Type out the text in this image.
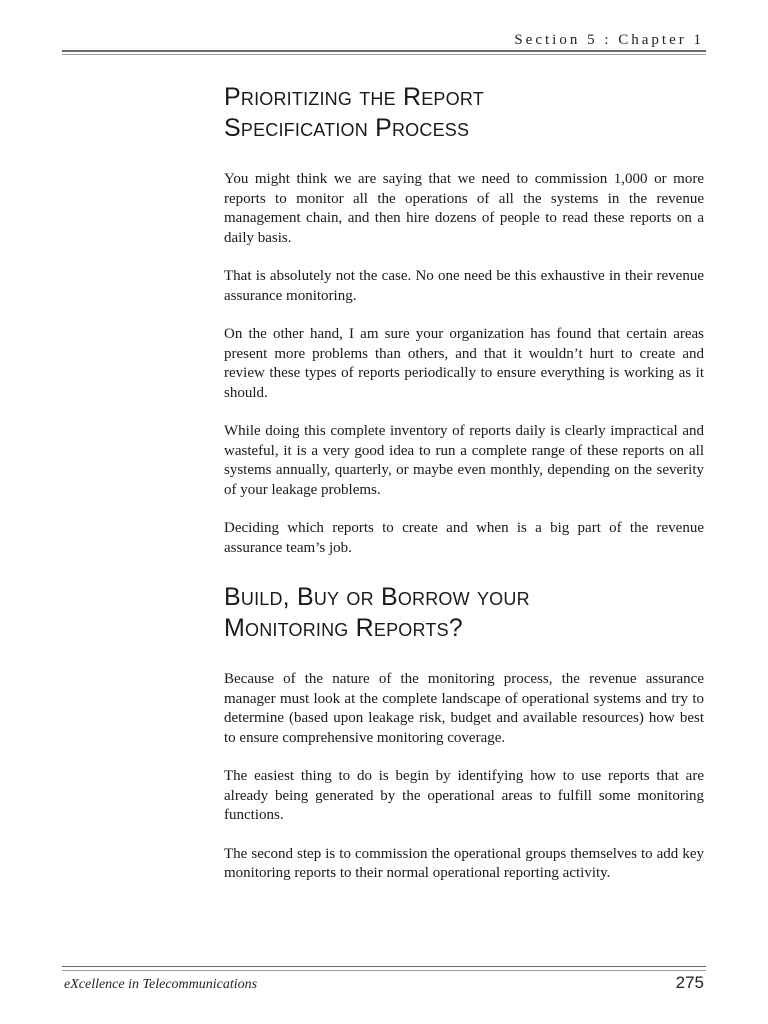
Section 5 : Chapter 1
Prioritizing the Report
Specification Process

You might think we are saying that we need to commission 1,000 or more reports to monitor all the operations of all the systems in the revenue management chain, and then hire dozens of people to read these reports on a daily basis.

That is absolutely not the case. No one need be this exhaustive in their revenue assurance monitoring.

On the other hand, I am sure your organization has found that certain areas present more problems than others, and that it wouldn’t hurt to create and review these types of reports periodically to ensure everything is working as it should.

While doing this complete inventory of reports daily is clearly impractical and wasteful, it is a very good idea to run a complete range of these reports on all systems annually, quarterly, or maybe even monthly, depending on the severity of your leakage problems.

Deciding which reports to create and when is a big part of the revenue assurance team’s job.

Build, Buy or Borrow your
Monitoring Reports?

Because of the nature of the monitoring process, the revenue assurance manager must look at the complete landscape of operational systems and try to determine (based upon leakage risk, budget and available resources) how best to ensure comprehensive monitoring coverage.

The easiest thing to do is begin by identifying how to use reports that are already being generated by the operational areas to fulfill some monitoring functions.

The second step is to commission the operational groups themselves to add key monitoring reports to their normal operational reporting activity.

eXcellence in Telecommunications	275
